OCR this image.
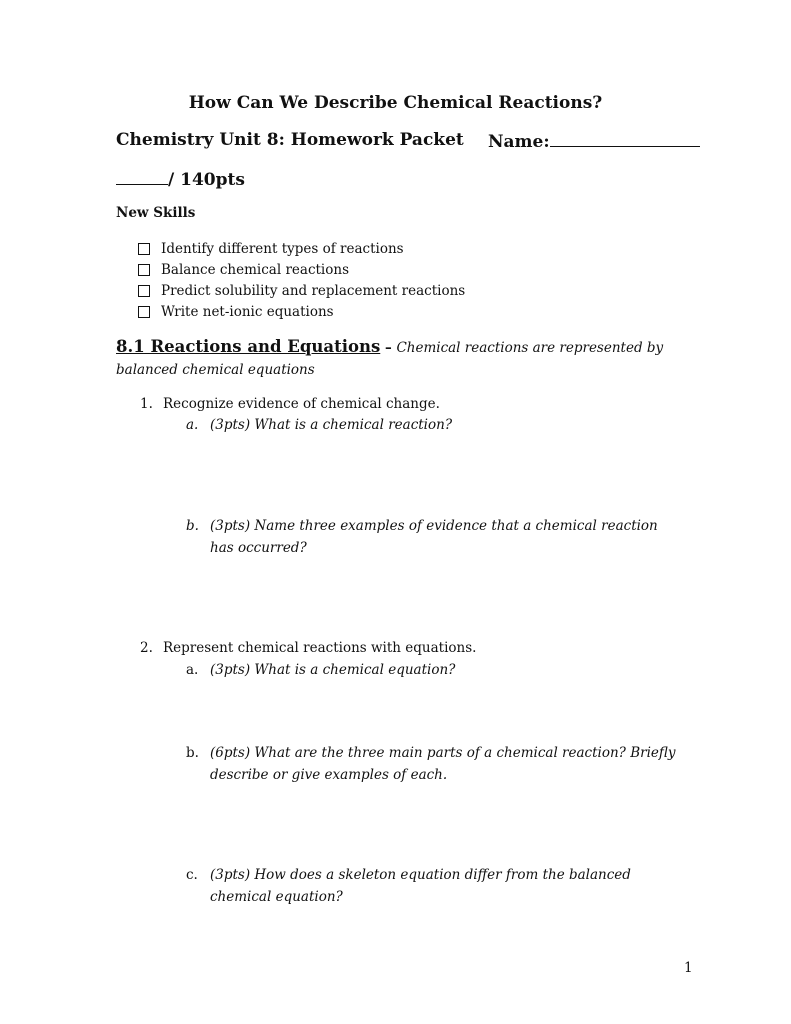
How Can We Describe Chemical Reactions?
Chemistry Unit 8: Homework Packet Name:
/ 140pts
New Skills
Identify different types of reactions
Balance chemical reactions
Predict solubility and replacement reactions
Write net-ionic equations
8.1 Reactions and Equations – Chemical reactions are represented by balanced chemical equations
1. Recognize evidence of chemical change.
a. (3pts) What is a chemical reaction?
b. (3pts) Name three examples of evidence that a chemical reaction has occurred?
2. Represent chemical reactions with equations.
a. (3pts) What is a chemical equation?
b. (6pts) What are the three main parts of a chemical reaction? Briefly describe or give examples of each.
c. (3pts) How does a skeleton equation differ from the balanced chemical equation?
1
